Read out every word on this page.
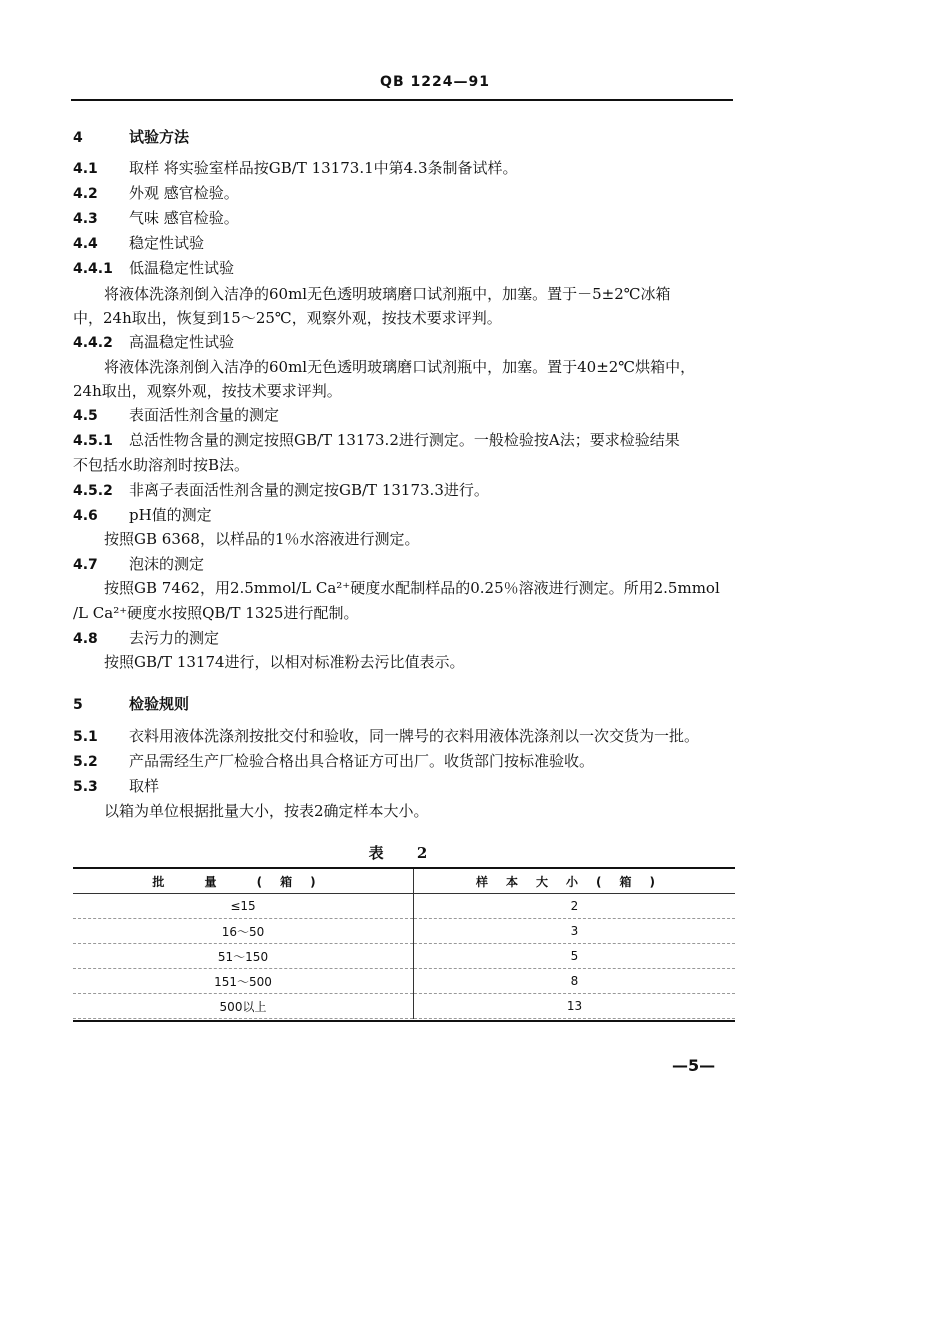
QB 1224—91
4	试验方法
4.1 取样 将实验室样品按GB/T 13173.1中第4.3条制备试样。
4.2 外观 感官检验。
4.3 气味 感官检验。
4.4 稳定性试验
4.4.1 低温稳定性试验
将液体洗涤剂倒入洁净的60ml无色透明玻璃磨口试剂瓶中，加塞。置于－5±2℃冰箱
中，24h取出，恢复到15～25℃，观察外观，按技术要求评判。
4.4.2 高温稳定性试验
将液体洗涤剂倒入洁净的60ml无色透明玻璃磨口试剂瓶中，加塞。置于40±2℃烘箱中，
24h取出，观察外观，按技术要求评判。
4.5 表面活性剂含量的测定
4.5.1 总活性物含量的测定按照GB/T 13173.2进行测定。一般检验按A法；要求检验结果
不包括水助溶剂时按B法。
4.5.2 非离子表面活性剂含量的测定按GB/T 13173.3进行。
4.6 pH值的测定
按照GB 6368，以样品的1％水溶液进行测定。
4.7 泡沫的测定
按照GB 7462，用2.5mmol/L Ca²⁺硬度水配制样品的0.25％溶液进行测定。所用2.5mmol
/L Ca²⁺硬度水按照QB/T 1325进行配制。
4.8 去污力的测定
按照GB/T 13174进行，以相对标准粉去污比值表示。
5	检验规则
5.1 衣料用液体洗涤剂按批交付和验收，同一牌号的衣料用液体洗涤剂以一次交货为一批。
5.2 产品需经生产厂检验合格出具合格证方可出厂。收货部门按标准验收。
5.3 取样
以箱为单位根据批量大小，按表2确定样本大小。
表 2
批 量 (箱)	样本大小(箱)
≤15	2
16～50	3
51～150	5
151～500	8
500以上	13
—5—
